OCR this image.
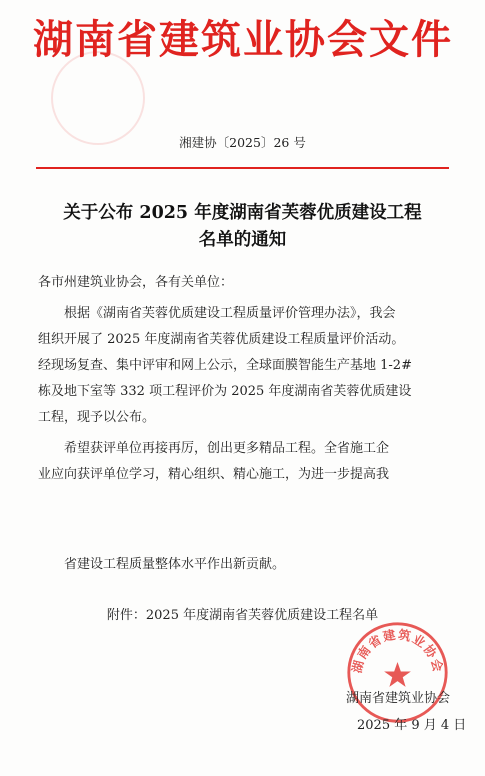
湖南省建筑业协会文件
湘建协〔2025〕26 号
关于公布 2025 年度湖南省芙蓉优质建设工程
名单的通知
各市州建筑业协会，各有关单位：
根据《湖南省芙蓉优质建设工程质量评价管理办法》，我会
组织开展了 2025 年度湖南省芙蓉优质建设工程质量评价活动。
经现场复查、集中评审和网上公示，全球面膜智能生产基地 1-2#
栋及地下室等 332 项工程评价为 2025 年度湖南省芙蓉优质建设
工程，现予以公布。
希望获评单位再接再厉，创出更多精品工程。全省施工企
业应向获评单位学习，精心组织、精心施工，为进一步提高我
省建设工程质量整体水平作出新贡献。
附件：2025 年度湖南省芙蓉优质建设工程名单
湖南省建筑业协会
湖南省建筑业协会
2025 年 9 月 4 日
